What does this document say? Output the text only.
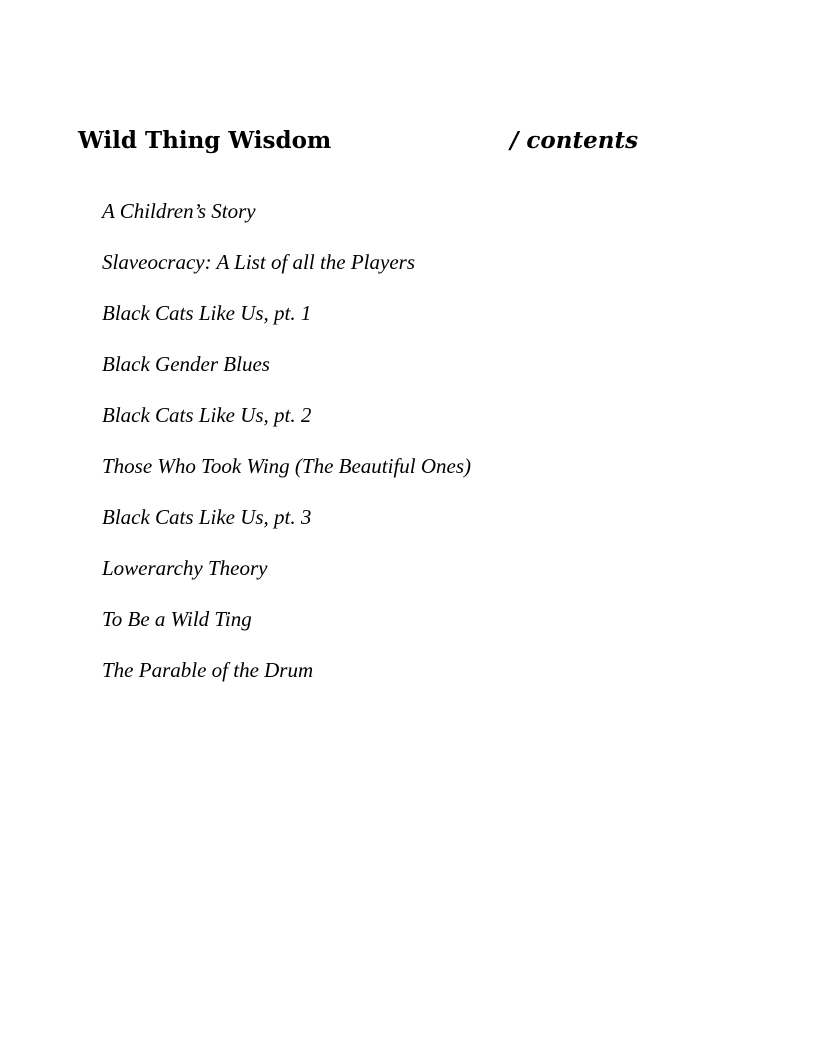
Wild Thing Wisdom	/ contents
A Children’s Story
Slaveocracy: A List of all the Players
Black Cats Like Us, pt. 1
Black Gender Blues
Black Cats Like Us, pt. 2
Those Who Took Wing (The Beautiful Ones)
Black Cats Like Us, pt. 3
Lowerarchy Theory
To Be a Wild Ting
The Parable of the Drum
